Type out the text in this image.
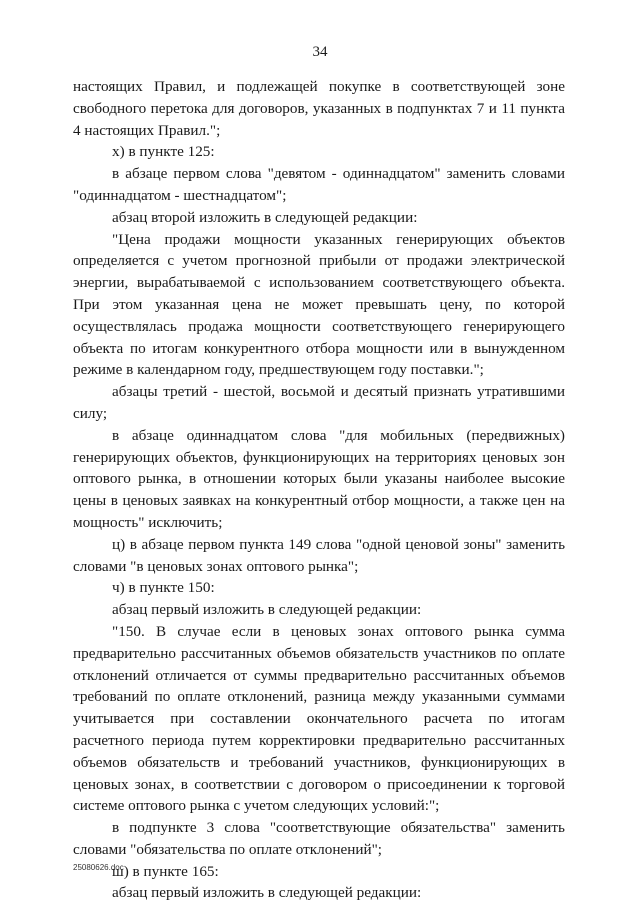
34

настоящих Правил, и подлежащей покупке в соответствующей зоне свободного перетока для договоров, указанных в подпунктах 7 и 11 пункта 4 настоящих Правил.";

х) в пункте 125:

в абзаце первом слова "девятом - одиннадцатом" заменить словами "одиннадцатом - шестнадцатом";

абзац второй изложить в следующей редакции:

"Цена продажи мощности указанных генерирующих объектов определяется с учетом прогнозной прибыли от продажи электрической энергии, вырабатываемой с использованием соответствующего объекта. При этом указанная цена не может превышать цену, по которой осуществлялась продажа мощности соответствующего генерирующего объекта по итогам конкурентного отбора мощности или в вынужденном режиме в календарном году, предшествующем году поставки.";

абзацы третий - шестой, восьмой и десятый признать утратившими силу;

в абзаце одиннадцатом слова "для мобильных (передвижных) генерирующих объектов, функционирующих на территориях ценовых зон оптового рынка, в отношении которых были указаны наиболее высокие цены в ценовых заявках на конкурентный отбор мощности, а также цен на мощность" исключить;

ц) в абзаце первом пункта 149 слова "одной ценовой зоны" заменить словами "в ценовых зонах оптового рынка";

ч) в пункте 150:

абзац первый изложить в следующей редакции:

"150. В случае если в ценовых зонах оптового рынка сумма предварительно рассчитанных объемов обязательств участников по оплате отклонений отличается от суммы предварительно рассчитанных объемов требований по оплате отклонений, разница между указанными суммами учитывается при составлении окончательного расчета по итогам расчетного периода путем корректировки предварительно рассчитанных объемов обязательств и требований участников, функционирующих в ценовых зонах, в соответствии с договором о присоединении к торговой системе оптового рынка с учетом следующих условий:";

в подпункте 3 слова "соответствующие обязательства" заменить словами "обязательства по оплате отклонений";

ш) в пункте 165:

абзац первый изложить в следующей редакции:

25080626.doc
